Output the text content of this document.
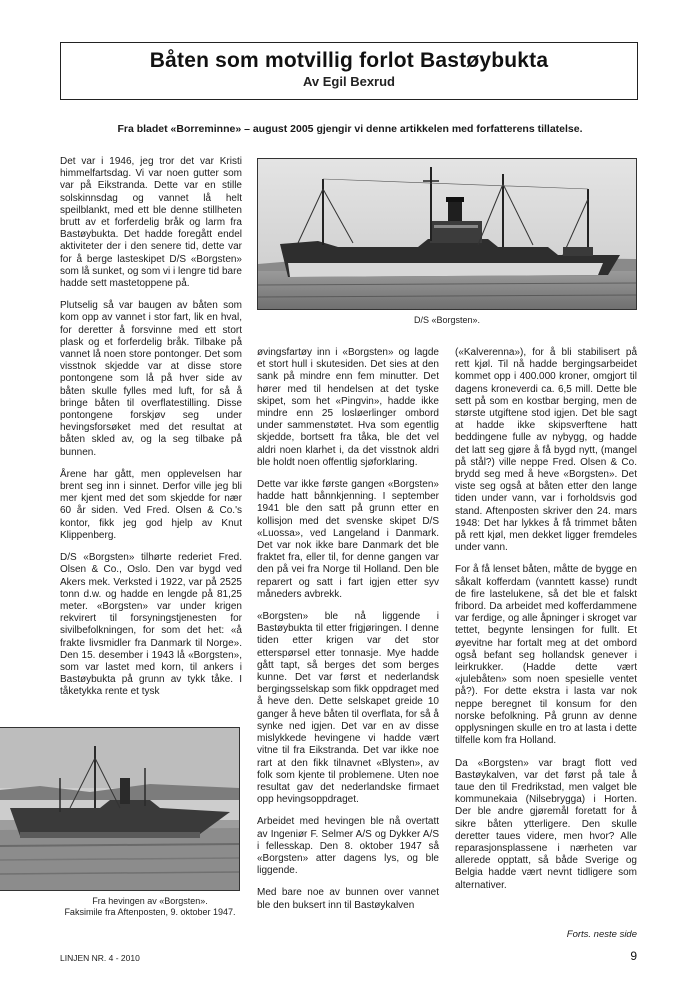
Båten som motvillig forlot Bastøybukta
Av Egil Bexrud
Fra bladet «Borreminne» – august 2005 gjengir vi denne artikkelen med forfatterens tillatelse.

Det var i 1946, jeg tror det var Kristi himmelfartsdag. Vi var noen gutter som var på Eikstranda. Dette var en stille solskinnsdag og vannet lå helt speilblankt, med ett ble denne stillheten brutt av et forferdelig bråk og larm fra Bastøybukta. Det hadde foregått endel aktiviteter der i den senere tid, dette var for å berge lasteskipet D/S «Borgsten» som lå sunket, og som vi i lengre tid bare hadde sett mastetoppene på.

Plutselig så var baugen av båten som kom opp av vannet i stor fart, lik en hval, for deretter å forsvinne med ett stort plask og et forferdelig bråk. Tilbake på vannet lå noen store pontonger. Det som visstnok skjedde var at disse store pontongene som lå på hver side av båten skulle fylles med luft, for så å bringe båten til overflatestilling. Disse pontongene forskjøv seg under hevingsforsøket med det resultat at båten skled av, og la seg tilbake på bunnen.

Årene har gått, men opplevelsen har brent seg inn i sinnet. Derfor ville jeg bli mer kjent med det som skjedde for nær 60 år siden. Ved Fred. Olsen & Co.'s kontor, fikk jeg god hjelp av Knut Klippenberg.

D/S «Borgsten» tilhørte rederiet Fred. Olsen & Co., Oslo. Den var bygd ved Akers mek. Verksted i 1922, var på 2525 tonn d.w. og hadde en lengde på 81,25 meter. «Borgsten» var under krigen rekvirert til forsyningstjenesten for sivilbefolkningen, for som det het: «å frakte livsmidler fra Danmark til Norge». Den 15. desember i 1943 lå «Borgsten», som var lastet med korn, til ankers i Bastøybukta på grunn av tykk tåke. I tåketykka rente et tysk

D/S «Borgsten».

øvingsfartøy inn i «Borgsten» og lagde et stort hull i skutesiden. Det sies at den sank på mindre enn fem minutter. Det hører med til hendelsen at det tyske skipet, som het «Pingvin», hadde ikke mindre enn 25 losløerlinger ombord under sammenstøtet. Hva som egentlig skjedde, bortsett fra tåka, ble det vel aldri noen klarhet i, da det visstnok aldri ble holdt noen offentlig sjøforklaring.

Dette var ikke første gangen «Borgsten» hadde hatt bånnkjenning. I september 1941 ble den satt på grunn etter en kollisjon med det svenske skipet D/S «Luossa», ved Langeland i Danmark. Det var nok ikke bare Danmark det ble fraktet fra, eller til, for denne gangen var den på vei fra Norge til Holland. Den ble reparert og satt i fart igjen etter syv måneders avbrekk.

«Borgsten» ble nå liggende i Bastøybukta til etter frigjøringen. I denne tiden etter krigen var det stor etterspørsel etter tonnasje. Mye hadde gått tapt, så berges det som berges kunne. Det var først et nederlandsk bergingsselskap som fikk oppdraget med å heve den. Dette selskapet greide 10 ganger å heve båten til overflata, for så å synke ned igjen. Det var en av disse mislykkede hevingene vi hadde vært vitne til fra Eikstranda. Det var ikke noe rart at den fikk tilnavnet «Blysten», av folk som kjente til problemene. Uten noe resultat gav det nederlandske firmaet opp hevingsoppdraget.

Arbeidet med hevingen ble nå overtatt av Ingeniør F. Selmer A/S og Dykker A/S i fellesskap. Den 8. oktober 1947 så «Borgsten» atter dagens lys, og ble liggende.

Med bare noe av bunnen over vannet ble den buksert inn til Bastøykalven

(«Kalverenna»), for å bli stabilisert på rett kjøl. Til nå hadde bergingsarbeidet kommet opp i 400.000 kroner, omgjort til dagens kroneverdi ca. 6,5 mill. Dette ble sett på som en kostbar berging, men de største utgiftene stod igjen. Det ble sagt at hadde ikke skipsverftene hatt beddingene fulle av nybygg, og hadde det latt seg gjøre å få bygd nytt, (mangel på stål?) ville neppe Fred. Olsen & Co. brydd seg med å heve «Borgsten». Det viste seg også at båten etter den lange tiden under vann, var i forholdsvis god stand. Aftenposten skriver den 24. mars 1948: Det har lykkes å få trimmet båten på rett kjøl, men dekket ligger fremdeles under vann.

For å få lenset båten, måtte de bygge en såkalt kofferdam (vanntett kasse) rundt de fire lastelukene, så det ble et falskt fribord. Da arbeidet med kofferdammene var ferdige, og alle åpninger i skroget var tettet, begynte lensingen for fullt. Et øyevitne har fortalt meg at det ombord også befant seg hollandsk genever i leirkrukker. (Hadde dette vært «julebåten» som noen spesielle ventet på?). For dette ekstra i lasta var nok neppe beregnet til konsum for den norske befolkning. På grunn av denne opplysningen skulle en tro at lasta i dette tilfelle kom fra Holland.

Da «Borgsten» var bragt flott ved Bastøykalven, var det først på tale å taue den til Fredrikstad, men valget ble kommunekaia (Nilsebrygga) i Horten. Der ble andre gjøremål foretatt for å sikre båten ytterligere. Den skulle deretter taues videre, men hvor? Alle reparasjonsplassene i nærheten var allerede opptatt, så både Sverige og Belgia hadde vært nevnt tidligere som alternativer.

Fra hevingen av «Borgsten».
Faksimile fra Aftenposten, 9. oktober 1947.
Forts. neste side
LINJEN NR. 4 - 2010	9
